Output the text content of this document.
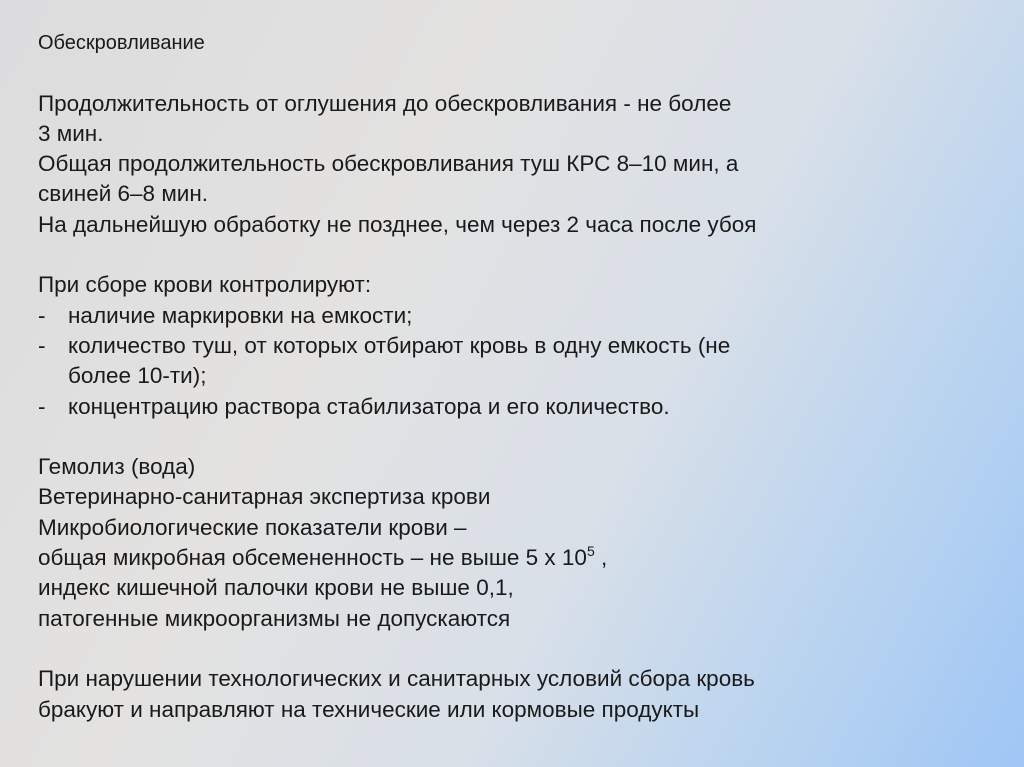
Обескровливание
Продолжительность от оглушения до обескровливания - не более
3 мин.
Общая продолжительность обескровливания туш КРС 8–10 мин, а
свиней 6–8 мин.
На дальнейшую обработку не позднее, чем через 2 часа после убоя
При сборе крови контролируют:
-	наличие маркировки на емкости;
-	количество туш, от которых отбирают кровь в одну емкость (не
более 10-ти);
-	концентрацию раствора стабилизатора и его количество.
Гемолиз (вода)
Ветеринарно-санитарная экспертиза крови
Микробиологические показатели крови –
общая микробная обсемененность – не выше 5 х $10^5$ ,
индекс кишечной палочки крови не выше 0,1,
патогенные микроорганизмы не допускаются
При нарушении технологических и санитарных условий сбора кровь
бракуют и направляют на технические или кормовые продукты
